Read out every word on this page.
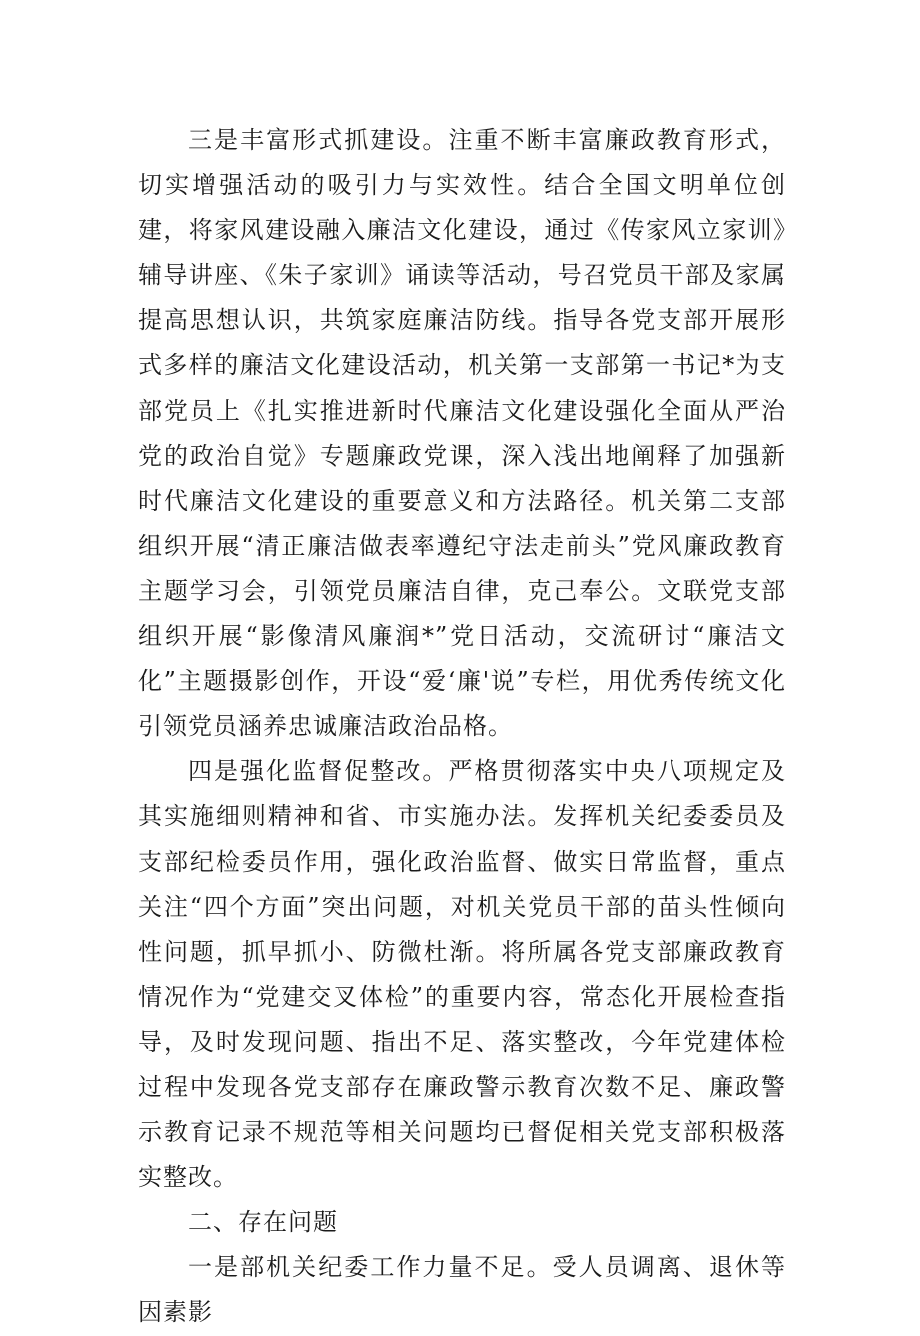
三是丰富形式抓建设。注重不断丰富廉政教育形式，切实增强活动的吸引力与实效性。结合全国文明单位创建，将家风建设融入廉洁文化建设，通过《传家风立家训》辅导讲座、《朱子家训》诵读等活动，号召党员干部及家属提高思想认识，共筑家庭廉洁防线。指导各党支部开展形式多样的廉洁文化建设活动，机关第一支部第一书记*为支部党员上《扎实推进新时代廉洁文化建设强化全面从严治党的政治自觉》专题廉政党课，深入浅出地阐释了加强新时代廉洁文化建设的重要意义和方法路径。机关第二支部组织开展“清正廉洁做表率遵纪守法走前头”党风廉政教育主题学习会，引领党员廉洁自律，克己奉公。文联党支部组织开展“影像清风廉润*”党日活动，交流研讨“廉洁文化”主题摄影创作，开设“爱‘廉'说”专栏，用优秀传统文化引领党员涵养忠诚廉洁政治品格。

四是强化监督促整改。严格贯彻落实中央八项规定及其实施细则精神和省、市实施办法。发挥机关纪委委员及支部纪检委员作用，强化政治监督、做实日常监督，重点关注“四个方面”突出问题，对机关党员干部的苗头性倾向性问题，抓早抓小、防微杜渐。将所属各党支部廉政教育情况作为“党建交叉体检”的重要内容，常态化开展检查指导，及时发现问题、指出不足、落实整改，今年党建体检过程中发现各党支部存在廉政警示教育次数不足、廉政警示教育记录不规范等相关问题均已督促相关党支部积极落实整改。

二、存在问题

一是部机关纪委工作力量不足。受人员调离、退休等因素影
